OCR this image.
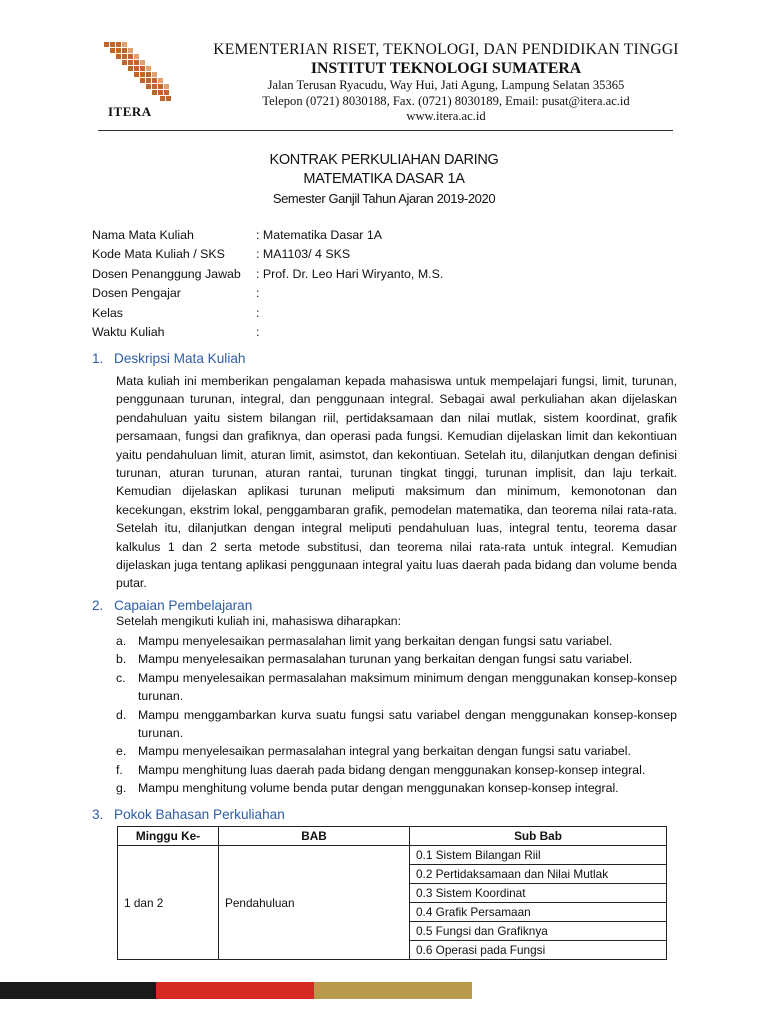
ITERA
KEMENTERIAN RISET, TEKNOLOGI, DAN PENDIDIKAN TINGGI
INSTITUT TEKNOLOGI SUMATERA
Jalan Terusan Ryacudu, Way Hui, Jati Agung, Lampung Selatan 35365
Telepon (0721) 8030188, Fax. (0721) 8030189, Email: pusat@itera.ac.id
www.itera.ac.id
KONTRAK PERKULIAHAN DARING
MATEMATIKA DASAR 1A
Semester Ganjil Tahun Ajaran 2019-2020
Nama Mata Kuliah	: Matematika Dasar 1A
Kode Mata Kuliah / SKS	: MA1103/ 4 SKS
Dosen Penanggung Jawab	: Prof. Dr. Leo Hari Wiryanto, M.S.
Dosen Pengajar	:
Kelas	:
Waktu Kuliah	:
1. Deskripsi Mata Kuliah

Mata kuliah ini memberikan pengalaman kepada mahasiswa untuk mempelajari fungsi, limit, turunan, penggunaan turunan, integral, dan penggunaan integral. Sebagai awal perkuliahan akan dijelaskan pendahuluan yaitu sistem bilangan riil, pertidaksamaan dan nilai mutlak, sistem koordinat, grafik persamaan, fungsi dan grafiknya, dan operasi pada fungsi. Kemudian dijelaskan limit dan kekontiuan yaitu pendahuluan limit, aturan limit, asimstot, dan kekontiuan. Setelah itu, dilanjutkan dengan definisi turunan, aturan turunan, aturan rantai, turunan tingkat tinggi, turunan implisit, dan laju terkait. Kemudian dijelaskan aplikasi turunan meliputi maksimum dan minimum, kemonotonan dan kecekungan, ekstrim lokal, penggambaran grafik, pemodelan matematika, dan teorema nilai rata-rata. Setelah itu, dilanjutkan dengan integral meliputi pendahuluan luas, integral tentu, teorema dasar kalkulus 1 dan 2 serta metode substitusi, dan teorema nilai rata-rata untuk integral. Kemudian dijelaskan juga tentang aplikasi penggunaan integral yaitu luas daerah pada bidang dan volume benda putar.

2. Capaian Pembelajaran
Setelah mengikuti kuliah ini, mahasiswa diharapkan:
a. Mampu menyelesaikan permasalahan limit yang berkaitan dengan fungsi satu variabel.
b. Mampu menyelesaikan permasalahan turunan yang berkaitan dengan fungsi satu variabel.
c.	Mampu menyelesaikan permasalahan maksimum minimum dengan menggunakan konsep-konsep turunan.
d. Mampu menggambarkan kurva suatu fungsi satu variabel dengan menggunakan konsep-konsep turunan.
e. Mampu menyelesaikan permasalahan integral yang berkaitan dengan fungsi satu variabel.
f.	Mampu menghitung luas daerah pada bidang dengan menggunakan konsep-konsep integral.
g. Mampu menghitung volume benda putar dengan menggunakan konsep-konsep integral.
3. Pokok Bahasan Perkuliahan
Minggu Ke-	BAB	Sub Bab
1 dan 2	Pendahuluan	0.1 Sistem Bilangan Riil
		0.2 Pertidaksamaan dan Nilai Mutlak
		0.3 Sistem Koordinat
		0.4 Grafik Persamaan
		0.5 Fungsi dan Grafiknya
		0.6 Operasi pada Fungsi
